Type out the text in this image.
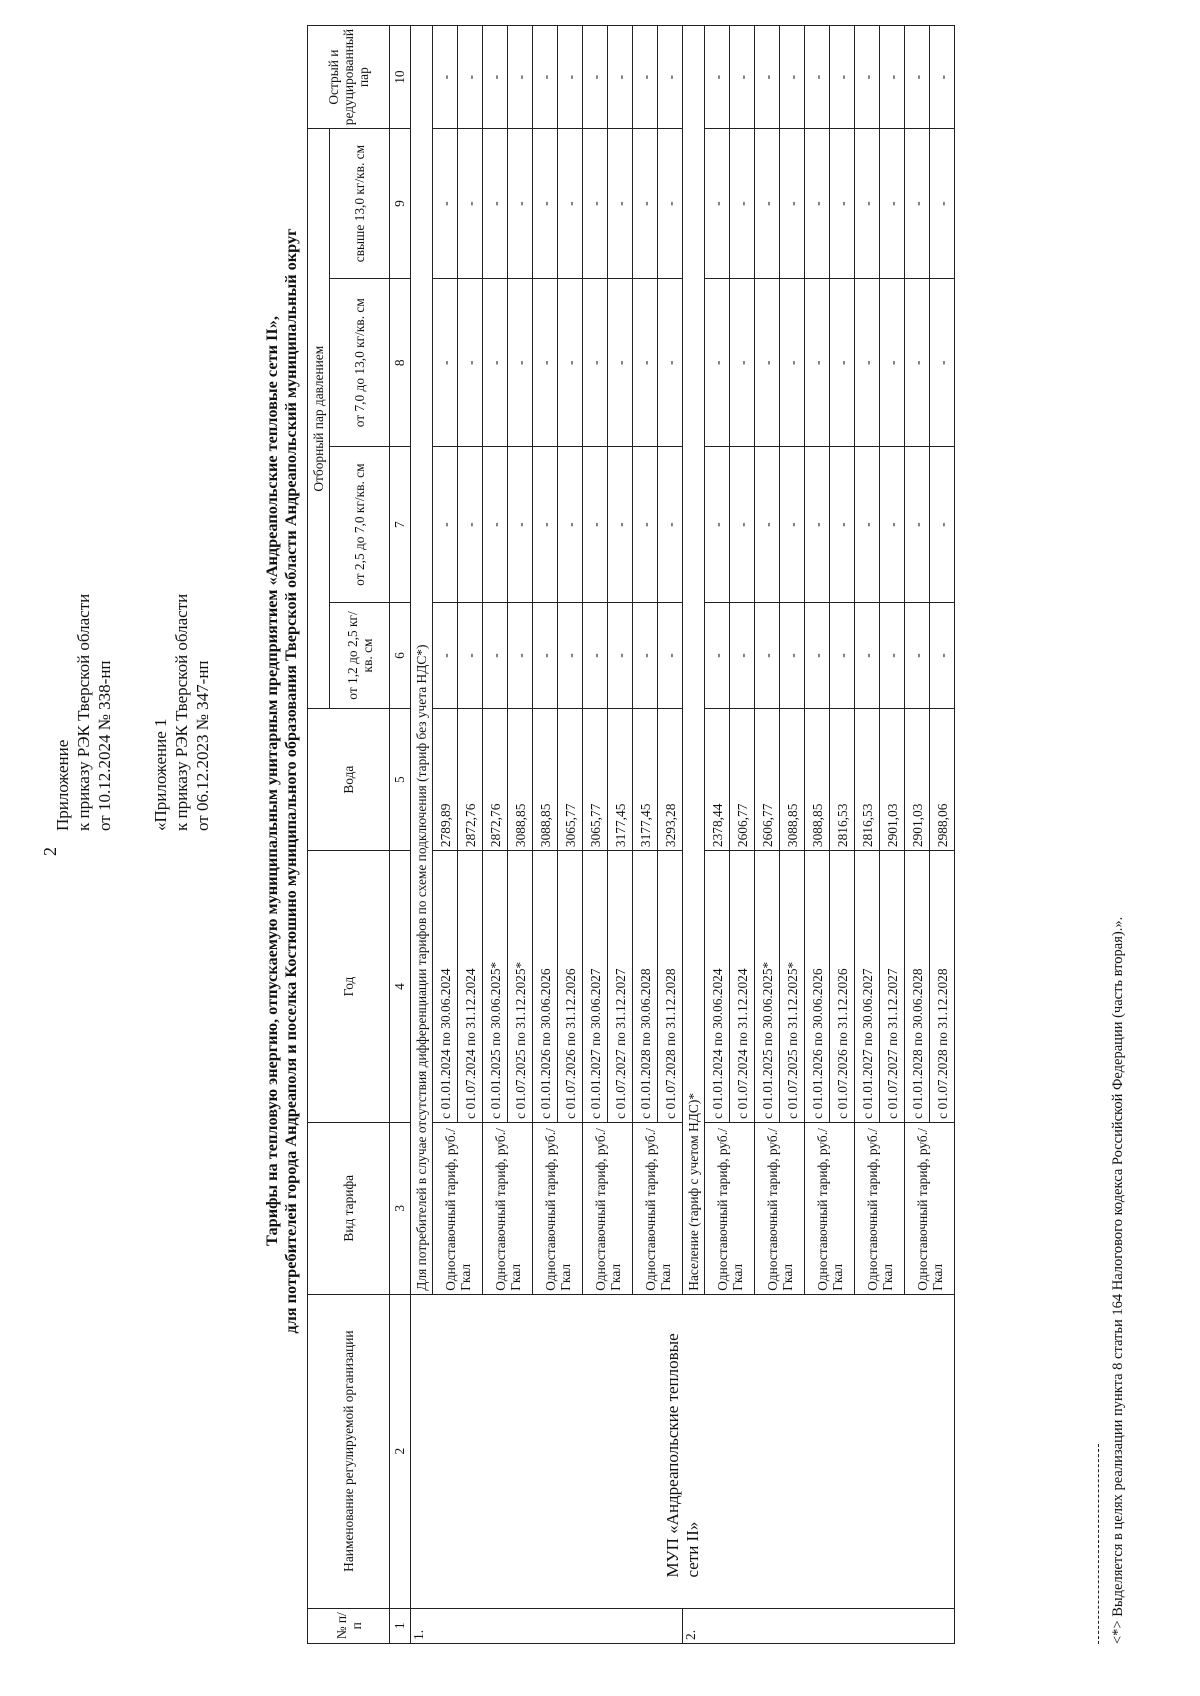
2
Приложение к приказу РЭК Тверской области от 10.12.2024 № 338-нп «Приложение 1 к приказу РЭК Тверской области от 06.12.2023 № 347-нп	Тарифы на тепловую энергию, отпускаемую муниципальным унитарным предприятием «Андреапольские тепловые сети II», для потребителей города Андреаполя и поселка Костюшино муниципального образования Тверской области Андреапольский муниципальный округ
№ п/п	Наименование регулируемой организации	Вид тарифа	Год	Вода	Отборный пар давлением				Острый и редуцированный пар
					от 1,2 до 2,5 кг/кв. см	от 2,5 до 7,0 кг/кв. см	от 7,0 до 13,0 кг/кв. см	свыше 13,0 кг/кв. см	
1	2	3	4	5	6	7	8	9	10
1.	МУП «Андреапольские тепловые сети II»	Для потребителей в случае отсутствия дифференциации тарифов по схеме подключения (тариф без учета НДС*)							
		Одноставочный тариф, руб./Гкал	с 01.01.2024 по 30.06.2024	2789,89	-	-	-	-	-
			с 01.07.2024 по 31.12.2024	2872,76	-	-	-	-	-
		Одноставочный тариф, руб./Гкал	с 01.01.2025 по 30.06.2025*	2872,76	-	-	-	-	-
			с 01.07.2025 по 31.12.2025*	3088,85	-	-	-	-	-
		Одноставочный тариф, руб./Гкал	с 01.01.2026 по 30.06.2026	3088,85	-	-	-	-	-
			с 01.07.2026 по 31.12.2026	3065,77	-	-	-	-	-
		Одноставочный тариф, руб./Гкал	с 01.01.2027 по 30.06.2027	3065,77	-	-	-	-	-
			с 01.07.2027 по 31.12.2027	3177,45	-	-	-	-	-
		Одноставочный тариф, руб./Гкал	с 01.01.2028 по 30.06.2028	3177,45	-	-	-	-	-
			с 01.07.2028 по 31.12.2028	3293,28	-	-	-	-	-
2.		Население (тариф с учетом НДС)*							
		Одноставочный тариф, руб./Гкал	с 01.01.2024 по 30.06.2024	2378,44	-	-	-	-	-
			с 01.07.2024 по 31.12.2024	2606,77	-	-	-	-	-
		Одноставочный тариф, руб./Гкал	с 01.01.2025 по 30.06.2025*	2606,77	-	-	-	-	-
			с 01.07.2025 по 31.12.2025*	3088,85	-	-	-	-	-
		Одноставочный тариф, руб./Гкал	с 01.01.2026 по 30.06.2026	3088,85	-	-	-	-	-
			с 01.07.2026 по 31.12.2026	2816,53	-	-	-	-	-
		Одноставочный тариф, руб./Гкал	с 01.01.2027 по 30.06.2027	2816,53	-	-	-	-	-
			с 01.07.2027 по 31.12.2027	2901,03	-	-	-	-	-
		Одноставочный тариф, руб./Гкал	с 01.01.2028 по 30.06.2028	2901,03	-	-	-	-	-
			с 01.07.2028 по 31.12.2028	2988,06	-	-	-	-	-
<*> Выделяется в целях реализации пункта 8 статьи 164 Налогового кодекса Российской Федерации (часть вторая).».
